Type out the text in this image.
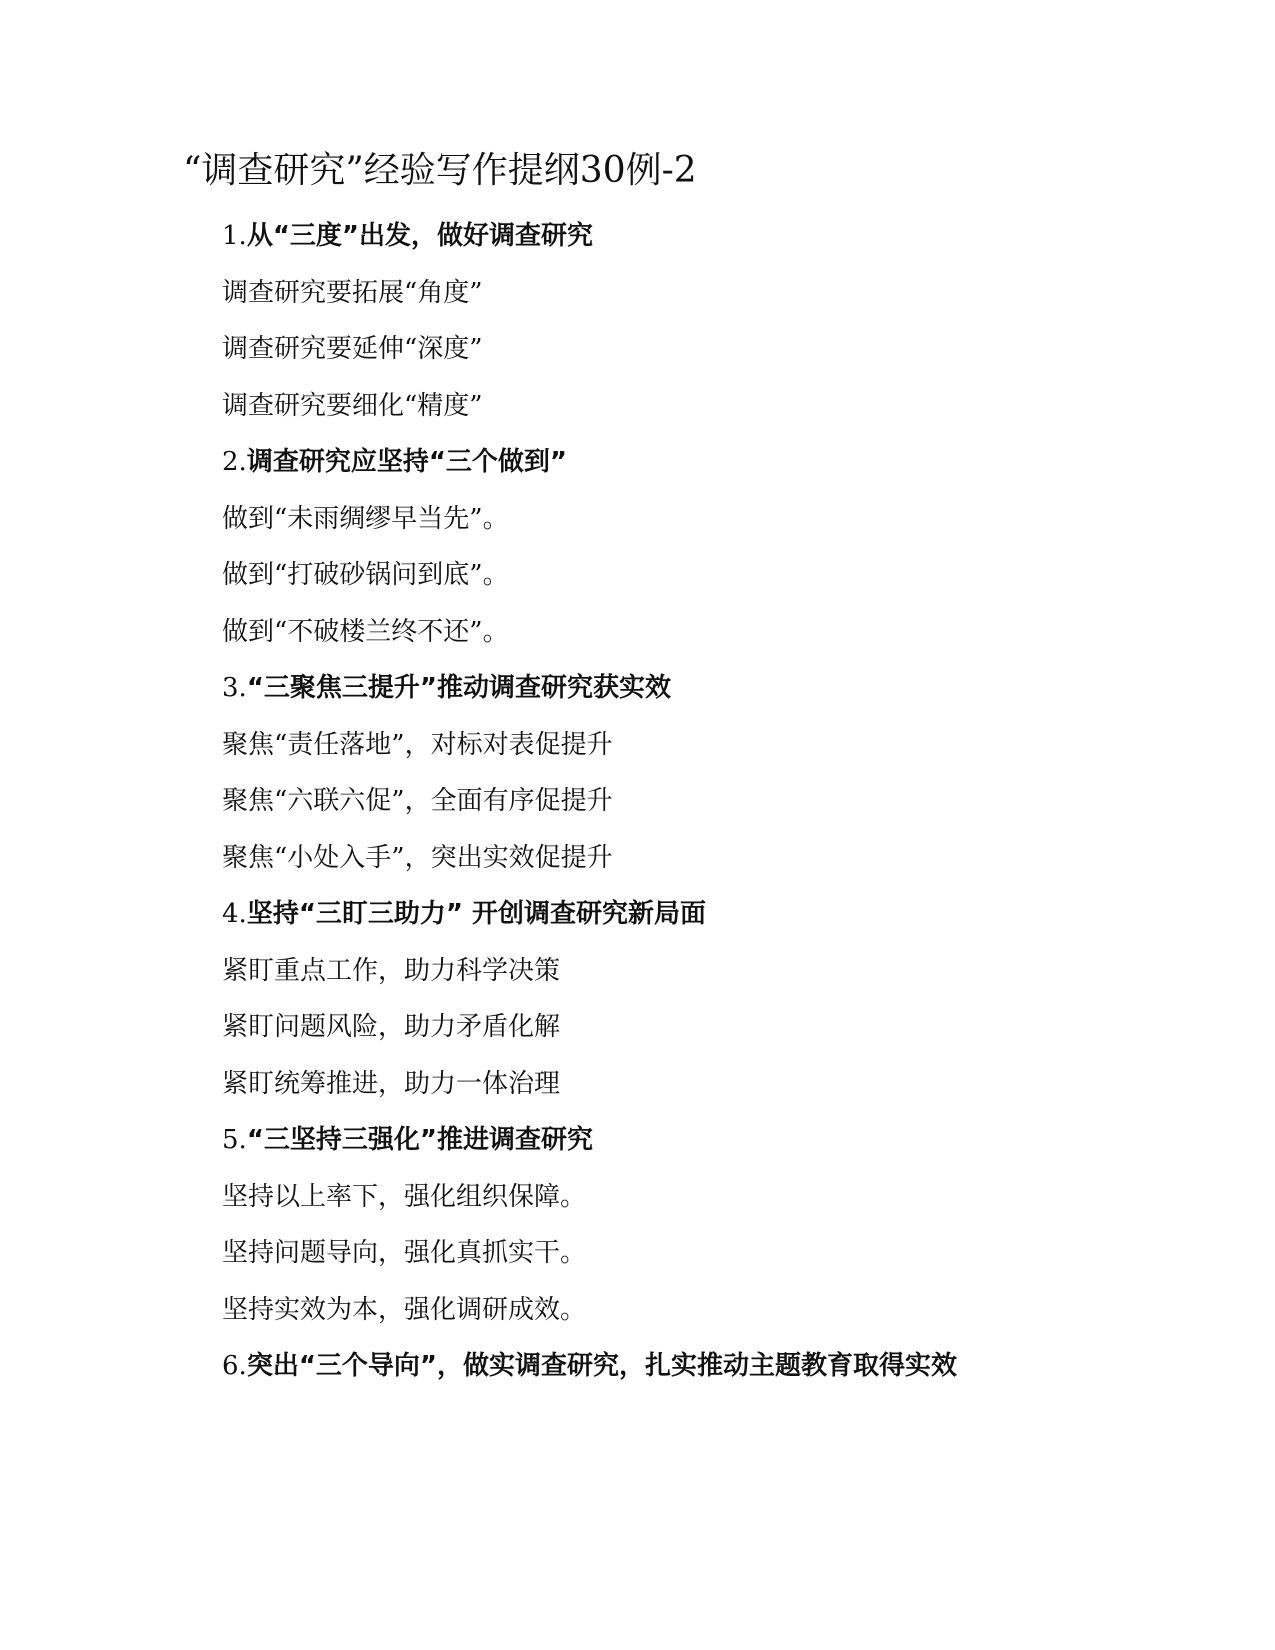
“调查研究”经验写作提纲30例-2
1.从“三度”出发，做好调查研究
调查研究要拓展“角度”
调查研究要延伸“深度”
调查研究要细化“精度”
2.调查研究应坚持“三个做到”
做到“未雨绸缪早当先”。
做到“打破砂锅问到底”。
做到“不破楼兰终不还”。
3.“三聚焦三提升”推动调查研究获实效
聚焦“责任落地”，对标对表促提升
聚焦“六联六促”，全面有序促提升
聚焦“小处入手”，突出实效促提升
4.坚持“三盯三助力” 开创调查研究新局面
紧盯重点工作，助力科学决策
紧盯问题风险，助力矛盾化解
紧盯统筹推进，助力一体治理
5.“三坚持三强化”推进调查研究
坚持以上率下，强化组织保障。
坚持问题导向，强化真抓实干。
坚持实效为本，强化调研成效。
6.突出“三个导向”，做实调查研究，扎实推动主题教育取得实效
